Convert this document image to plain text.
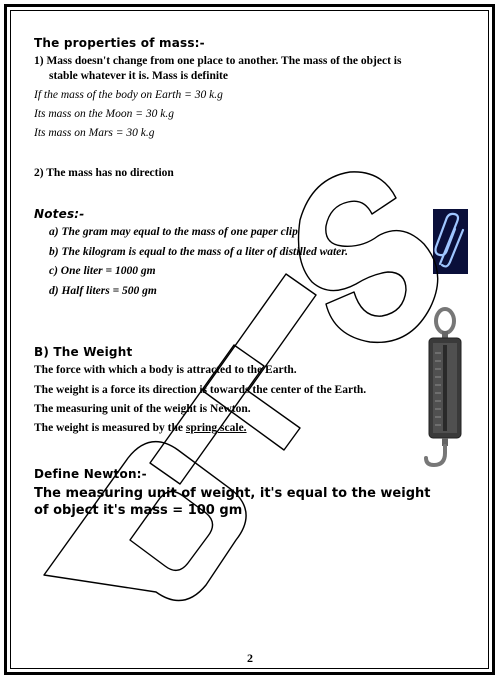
The properties of mass:-
1) Mass doesn't change from one place to another. The mass of the object is
stable whatever it is. Mass is definite
If the mass of the body on Earth = 30 k.g
Its mass on the Moon = 30 k.g
Its mass on Mars = 30 k.g
2) The mass has no direction
Notes:-
a) The gram may equal to the mass of one paper clip
b) The kilogram is equal to the mass of a liter of distilled water.
c) One liter = 1000 gm
d) Half liters = 500 gm
B) The Weight
The force with which a body is attracted to the Earth.
The weight is a force its direction is towards the center of the Earth.
The measuring unit of the weight is Newton.
The weight is measured by the spring scale.
Define Newton:-
The measuring unit of weight, it's equal to the weight
of object it's mass = 100 gm
2
